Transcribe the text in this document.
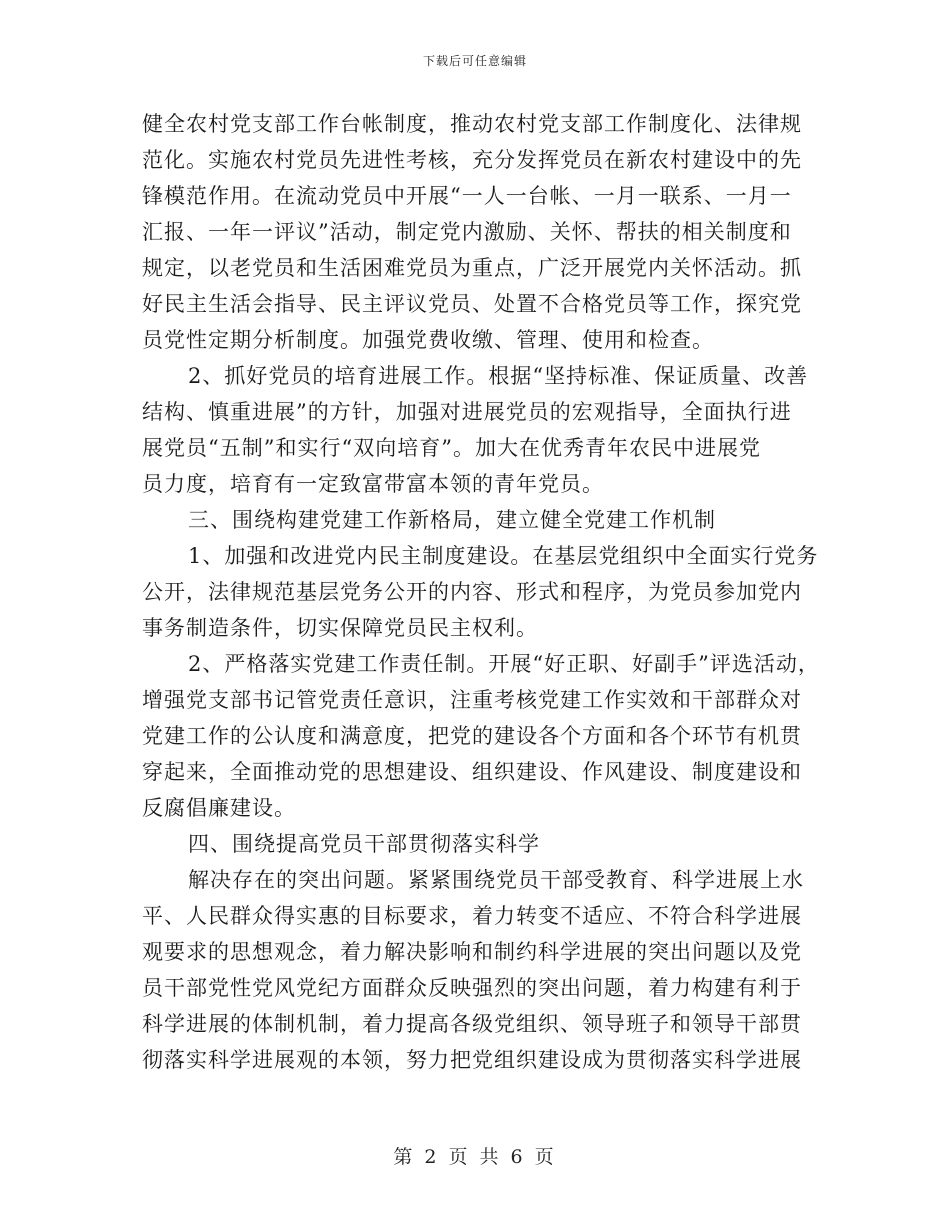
下载后可任意编辑
健全农村党支部工作台帐制度，推动农村党支部工作制度化、法律规
范化。实施农村党员先进性考核，充分发挥党员在新农村建设中的先
锋模范作用。在流动党员中开展“一人一台帐、一月一联系、一月一
汇报、一年一评议”活动，制定党内激励、关怀、帮扶的相关制度和
规定，以老党员和生活困难党员为重点，广泛开展党内关怀活动。抓
好民主生活会指导、民主评议党员、处置不合格党员等工作，探究党
员党性定期分析制度。加强党费收缴、管理、使用和检查。
2、抓好党员的培育进展工作。根据“坚持标准、保证质量、改善
结构、慎重进展”的方针，加强对进展党员的宏观指导，全面执行进
展党员“五制”和实行“双向培育”。加大在优秀青年农民中进展党
员力度，培育有一定致富带富本领的青年党员。
三、围绕构建党建工作新格局，建立健全党建工作机制
1、加强和改进党内民主制度建设。在基层党组织中全面实行党务
公开，法律规范基层党务公开的内容、形式和程序，为党员参加党内
事务制造条件，切实保障党员民主权利。
2、严格落实党建工作责任制。开展“好正职、好副手”评选活动，
增强党支部书记管党责任意识，注重考核党建工作实效和干部群众对
党建工作的公认度和满意度，把党的建设各个方面和各个环节有机贯
穿起来，全面推动党的思想建设、组织建设、作风建设、制度建设和
反腐倡廉建设。
四、围绕提高党员干部贯彻落实科学
解决存在的突出问题。紧紧围绕党员干部受教育、科学进展上水
平、人民群众得实惠的目标要求，着力转变不适应、不符合科学进展
观要求的思想观念，着力解决影响和制约科学进展的突出问题以及党
员干部党性党风党纪方面群众反映强烈的突出问题，着力构建有利于
科学进展的体制机制，着力提高各级党组织、领导班子和领导干部贯
彻落实科学进展观的本领，努力把党组织建设成为贯彻落实科学进展
第 2 页 共 6 页
